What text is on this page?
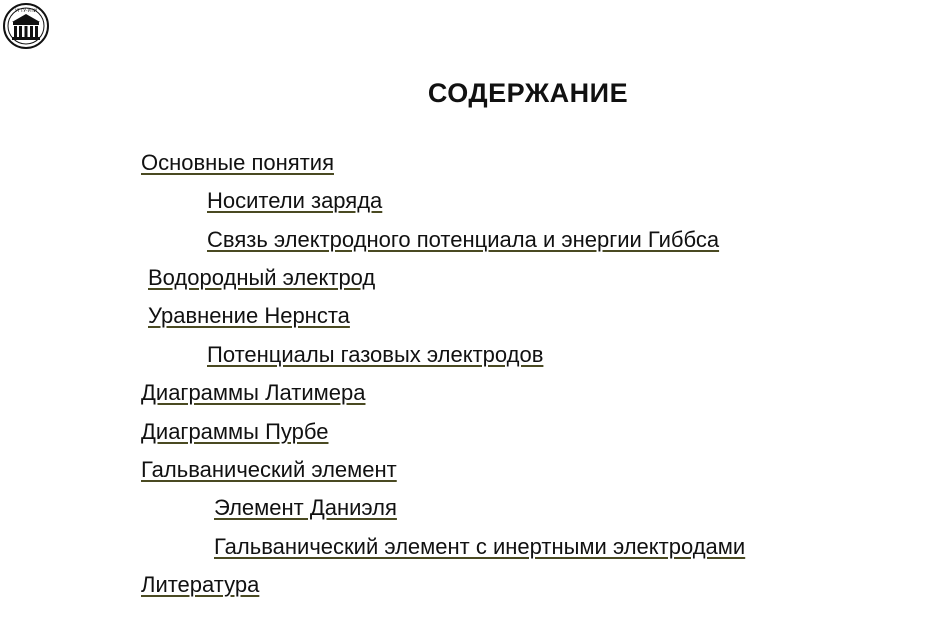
УГТУ-УПИ
СОДЕРЖАНИЕ
Основные понятия
Носители заряда
Связь электродного потенциала и энергии Гиббса
Водородный электрод
Уравнение Нернста
Потенциалы газовых электродов
Диаграммы Латимера
Диаграммы Пурбе
Гальванический элемент
Элемент Даниэля
Гальванический элемент с инертными электродами
Литература
